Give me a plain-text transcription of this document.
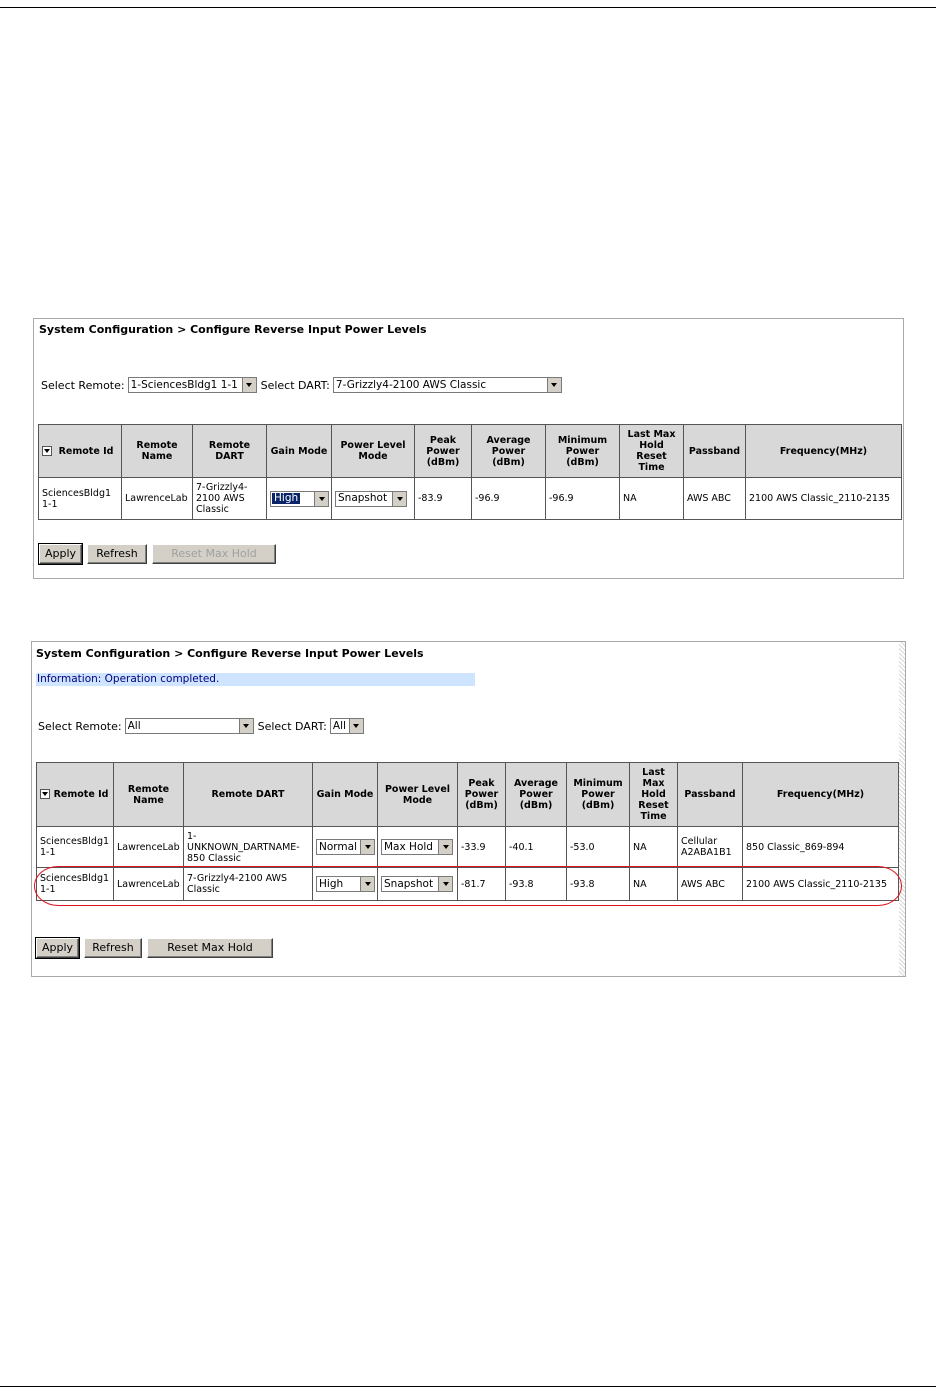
System Configuration > Configure Reverse Input Power Levels
Select Remote: 1-SciencesBldg1 1-1 Select DART: 7-Grizzly4-2100 AWS Classic
Remote Id	Remote Name	Remote DART	Gain Mode	Power Level Mode	Peak Power (dBm)	Average Power (dBm)	Minimum Power (dBm)	Last Max Hold Reset Time	Passband	Frequency(MHz)
SciencesBldg1 1-1	LawrenceLab	7-Grizzly4-2100 AWS Classic	High	Snapshot	-83.9	-96.9	-96.9	NA	AWS ABC	2100 AWS Classic_2110-2135
Apply	Refresh	Reset Max Hold
System Configuration > Configure Reverse Input Power Levels
Information: Operation completed.
Select Remote: All	Select DART: All
Remote Id	Remote Name	Remote DART	Gain Mode	Power Level Mode	Peak Power (dBm)	Average Power (dBm)	Minimum Power (dBm)	Last Max Hold Reset Time	Passband	Frequency(MHz)
SciencesBldg1 1-1	LawrenceLab	1-UNKNOWN_DARTNAME-850 Classic	Normal	Max Hold	-33.9	-40.1	-53.0	NA	Cellular A2ABA1B1	850 Classic_869-894
SciencesBldg1 1-1	LawrenceLab	7-Grizzly4-2100 AWS Classic	High	Snapshot	-81.7	-93.8	-93.8	NA	AWS ABC	2100 AWS Classic_2110-2135
Apply	Refresh	Reset Max Hold
